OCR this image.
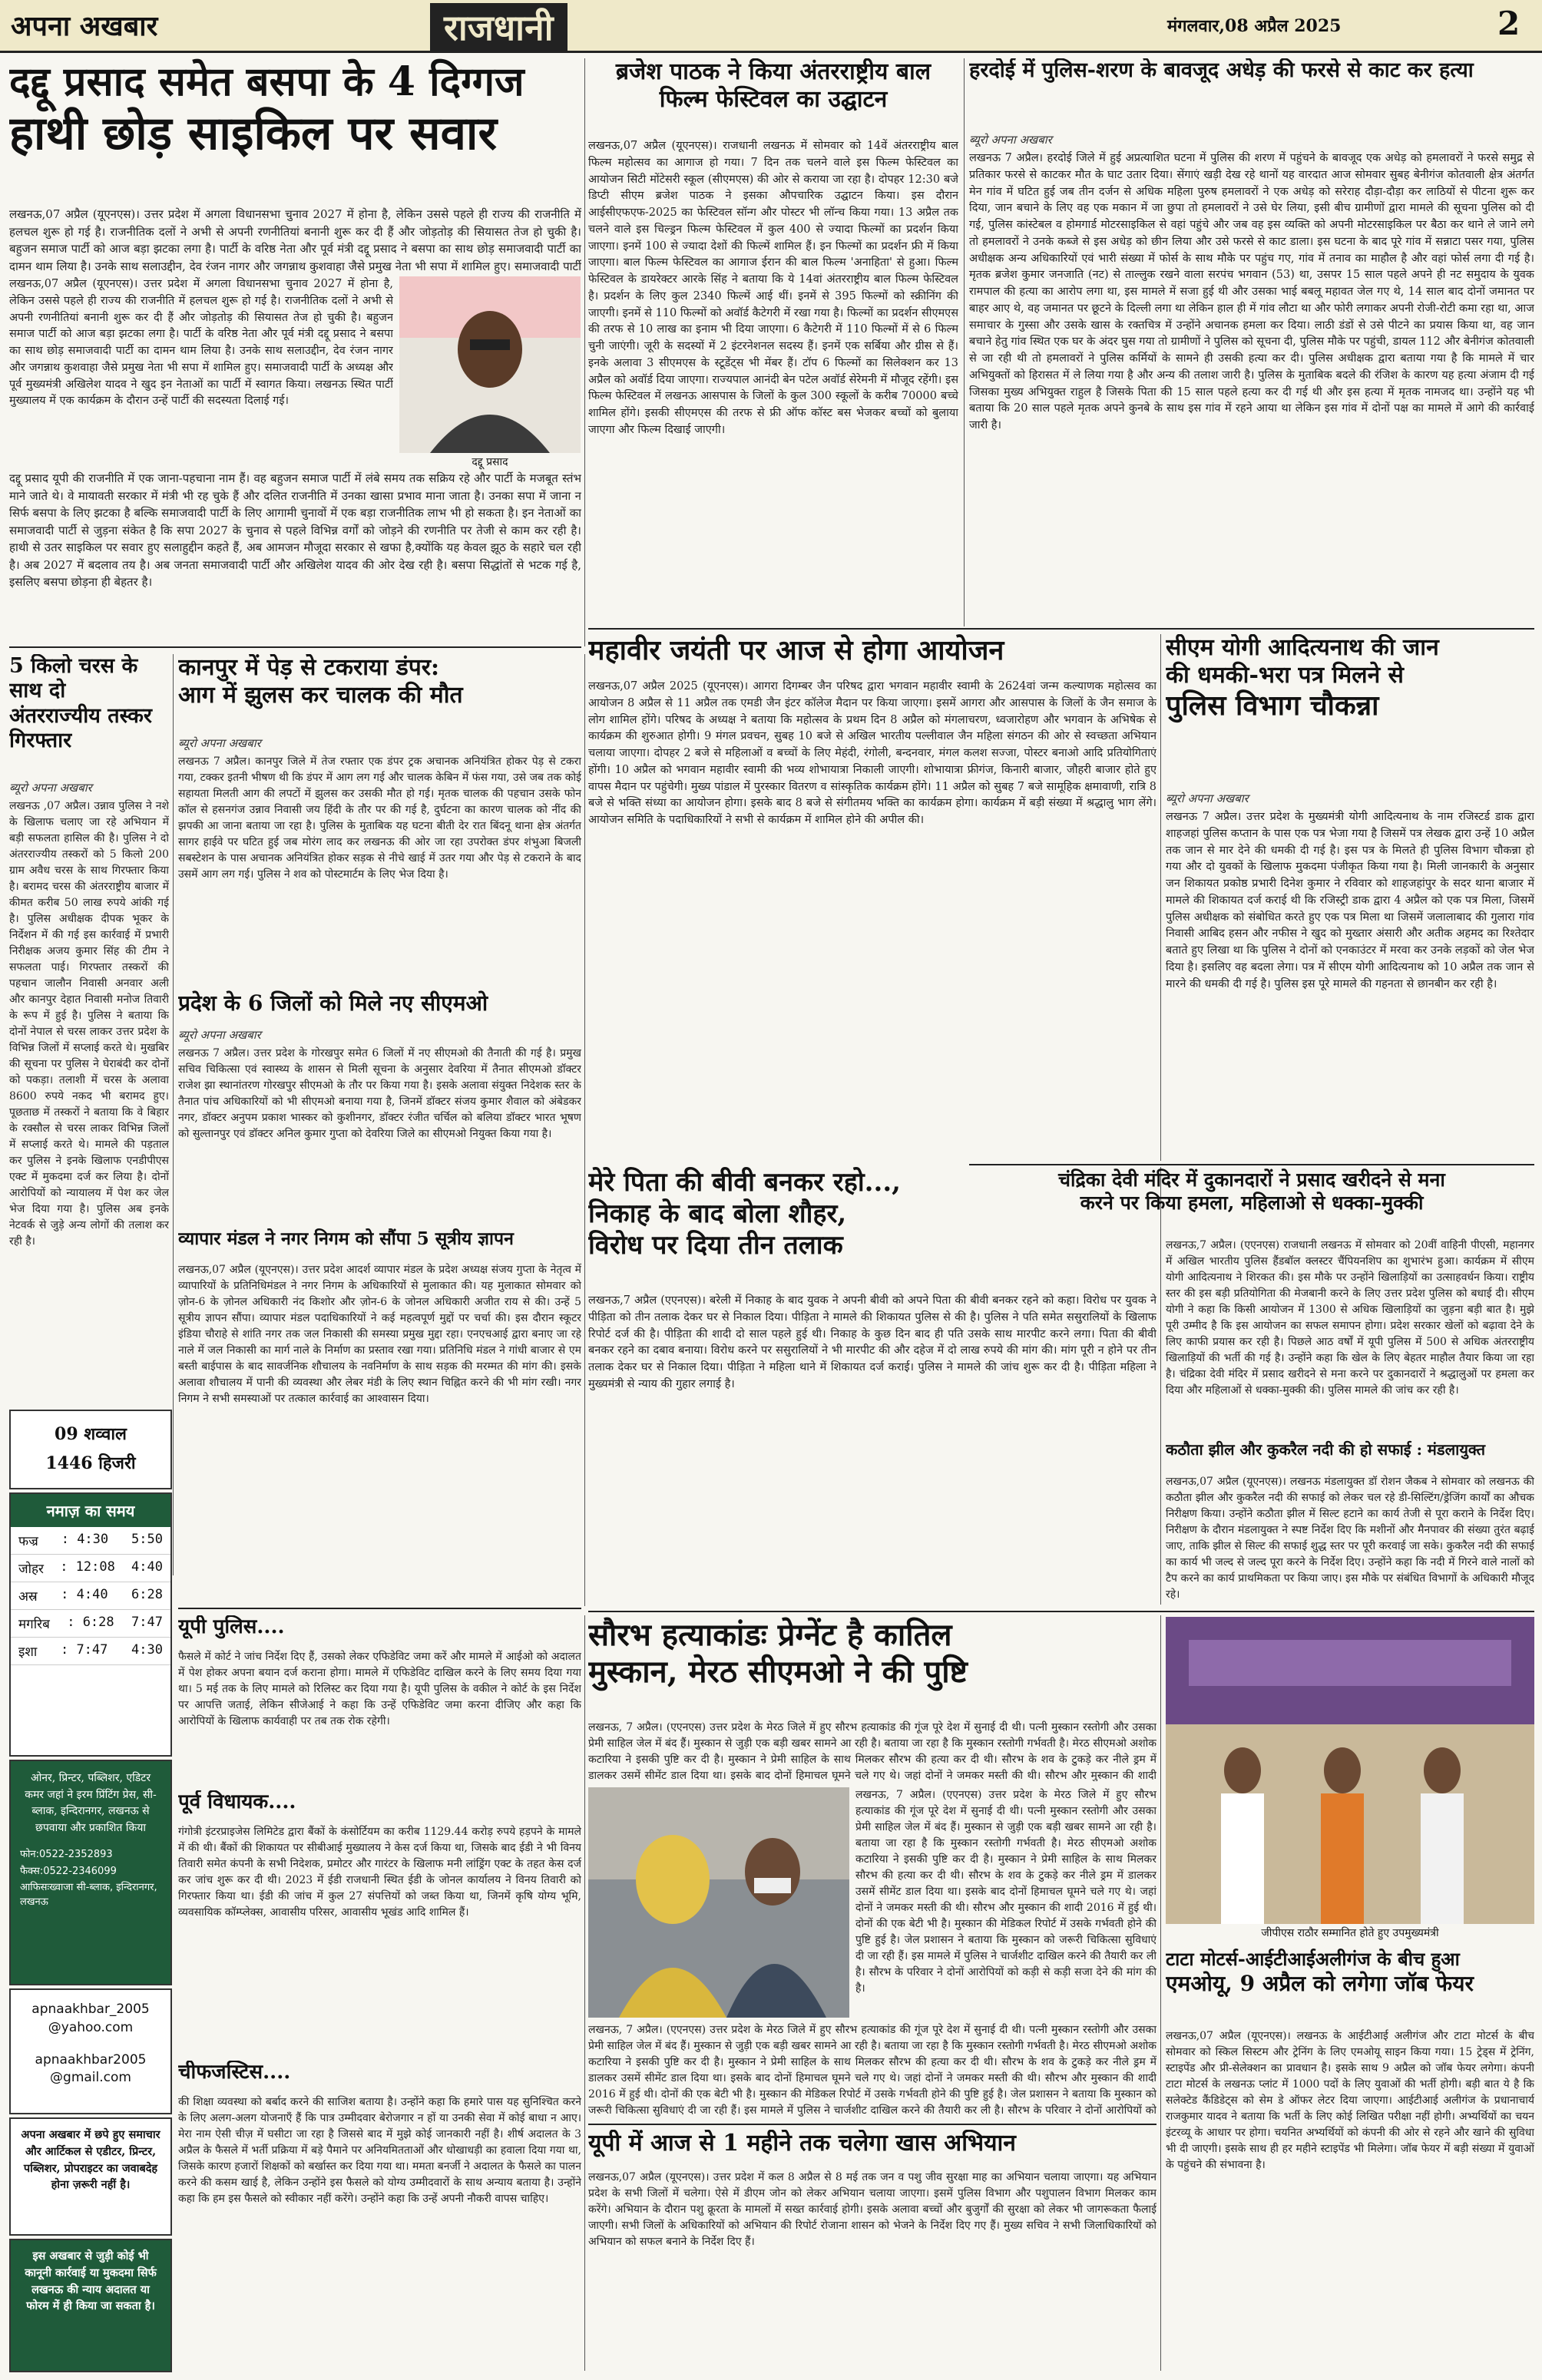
अपना अखबार	राजधानी	मंगलवार,08 अप्रैल 2025	2
दद्दू प्रसाद समेत बसपा के 4 दिग्गज
हाथी छोड़ साइकिल पर सवार
लखनऊ,07 अप्रैल (यूएनएस)। उत्तर प्रदेश में अगला विधानसभा चुनाव 2027 में होना है, लेकिन उससे पहले ही राज्य की राजनीति में हलचल शुरू हो गई है। राजनीतिक दलों ने अभी से अपनी रणनीतियां बनानी शुरू कर दी हैं और जोड़तोड़ की सियासत तेज हो चुकी है। बहुजन समाज पार्टी को आज बड़ा झटका लगा है। पार्टी के वरिष्ठ नेता और पूर्व मंत्री दद्दू प्रसाद ने बसपा का साथ छोड़ समाजवादी पार्टी का दामन थाम लिया है। उनके साथ सलाउद्दीन, देव रंजन नागर और जगन्नाथ कुशवाहा जैसे प्रमुख नेता भी सपा में शामिल हुए। समाजवादी पार्टी
लखनऊ,07 अप्रैल (यूएनएस)। उत्तर प्रदेश में अगला विधानसभा चुनाव 2027 में होना है, लेकिन उससे पहले ही राज्य की राजनीति में हलचल शुरू हो गई है। राजनीतिक दलों ने अभी से अपनी रणनीतियां बनानी शुरू कर दी हैं और जोड़तोड़ की सियासत तेज हो चुकी है। बहुजन समाज पार्टी को आज बड़ा झटका लगा है। पार्टी के वरिष्ठ नेता और पूर्व मंत्री दद्दू प्रसाद ने बसपा का साथ छोड़ समाजवादी पार्टी का दामन थाम लिया है। उनके साथ सलाउद्दीन, देव रंजन नागर और जगन्नाथ कुशवाहा जैसे प्रमुख नेता भी सपा में शामिल हुए। समाजवादी पार्टी के अध्यक्ष और पूर्व मुख्यमंत्री अखिलेश यादव ने खुद इन नेताओं का पार्टी में स्वागत किया। लखनऊ स्थित पार्टी मुख्यालय में एक कार्यक्रम के दौरान उन्हें पार्टी की सदस्यता दिलाई गई।
दद्दू प्रसाद
दद्दू प्रसाद यूपी की राजनीति में एक जाना-पहचाना नाम हैं। वह बहुजन समाज पार्टी में लंबे समय तक सक्रिय रहे और पार्टी के मजबूत स्तंभ माने जाते थे। वे मायावती सरकार में मंत्री भी रह चुके हैं और दलित राजनीति में उनका खासा प्रभाव माना जाता है। उनका सपा में जाना न सिर्फ बसपा के लिए झटका है बल्कि समाजवादी पार्टी के लिए आगामी चुनावों में एक बड़ा राजनीतिक लाभ भी हो सकता है। इन नेताओं का समाजवादी पार्टी से जुड़ना संकेत है कि सपा 2027 के चुनाव से पहले विभिन्न वर्गों को जोड़ने की रणनीति पर तेजी से काम कर रही है। हाथी से उतर साइकिल पर सवार हुए सलाहुद्दीन कहते हैं, अब आमजन मौजूदा सरकार से खफा है,क्योंकि यह केवल झूठ के सहारे चल रही है। अब 2027 में बदलाव तय है। अब जनता समाजवादी पार्टी और अखिलेश यादव की ओर देख रही है। बसपा सिद्धांतों से भटक गई है, इसलिए बसपा छोड़ना ही बेहतर है।
ब्रजेश पाठक ने किया अंतरराष्ट्रीय बाल फिल्म फेस्टिवल का उद्घाटन
लखनऊ,07 अप्रैल (यूएनएस)। राजधानी लखनऊ में सोमवार को 14वें अंतरराष्ट्रीय बाल फिल्म महोत्सव का आगाज हो गया। 7 दिन तक चलने वाले इस फिल्म फेस्टिवल का आयोजन सिटी मोंटेसरी स्कूल (सीएमएस) की ओर से कराया जा रहा है। दोपहर 12:30 बजे डिप्टी सीएम ब्रजेश पाठक ने इसका औपचारिक उद्घाटन किया। इस दौरान आईसीएफएफ-2025 का फेस्टिवल सॉन्ग और पोस्टर भी लॉन्च किया गया। 13 अप्रैल तक चलने वाले इस चिल्ड्रन फिल्म फेस्टिवल में कुल 400 से ज्यादा फिल्मों का प्रदर्शन किया जाएगा। इनमें 100 से ज्यादा देशों की फिल्में शामिल हैं। इन फिल्मों का प्रदर्शन फ्री में किया जाएगा। बाल फिल्म फेस्टिवल का आगाज ईरान की बाल फिल्म 'अनाहिता' से हुआ। फिल्म फेस्टिवल के डायरेक्टर आरके सिंह ने बताया कि ये 14वां अंतरराष्ट्रीय बाल फिल्म फेस्टिवल है। प्रदर्शन के लिए कुल 2340 फिल्में आई थीं। इनमें से 395 फिल्मों को स्क्रीनिंग की जाएगी। इनमें से 110 फिल्मों को अवॉर्ड कैटेगरी में रखा गया है। फिल्मों का प्रदर्शन सीएमएस की तरफ से 10 लाख का इनाम भी दिया जाएगा। 6 कैटेगरी में 110 फिल्मों में से 6 फिल्म चुनी जाएंगी। जूरी के सदस्यों में 2 इंटरनेशनल सदस्य हैं। इनमें एक सर्बिया और ग्रीस से हैं। इनके अलावा 3 सीएमएस के स्टूडेंट्स भी मेंबर हैं। टॉप 6 फिल्मों का सिलेक्शन कर 13 अप्रैल को अवॉर्ड दिया जाएगा। राज्यपाल आनंदी बेन पटेल अवॉर्ड सेरेमनी में मौजूद रहेंगी। इस फिल्म फेस्टिवल में लखनऊ आसपास के जिलों के कुल 300 स्कूलों के करीब 70000 बच्चे शामिल होंगे। इसकी सीएमएस की तरफ से फ्री ऑफ कॉस्ट बस भेजकर बच्चों को बुलाया जाएगा और फिल्म दिखाई जाएगी।
हरदोई में पुलिस-शरण के बावजूद अधेड़ की फरसे से काट कर हत्या
ब्यूरो अपना अखबार
लखनऊ 7 अप्रैल। हरदोई जिले में हुई अप्रत्याशित घटना में पुलिस की शरण में पहुंचने के बावजूद एक अधेड़ को हमलावरों ने फरसे समुद्र से प्रतिकार फरसे से काटकर मौत के घाट उतार दिया। सेंगाएं खड़ी देख रहे थानों यह वारदात आज सोमवार सुबह बेनीगंज कोतवाली क्षेत्र अंतर्गत मेन गांव में घटित हुई जब तीन दर्जन से अधिक महिला पुरुष हमलावरों ने एक अधेड़ को सरेराह दौड़ा-दौड़ा कर लाठियों से पीटना शुरू कर दिया, जान बचाने के लिए वह एक मकान में जा छुपा तो हमलावरों ने उसे घेर लिया, इसी बीच ग्रामीणों द्वारा मामले की सूचना पुलिस को दी गई, पुलिस कांस्टेबल व होमगार्ड मोटरसाइकिल से वहां पहुंचे और जब वह इस व्यक्ति को अपनी मोटरसाइकिल पर बैठा कर थाने ले जाने लगे तो हमलावरों ने उनके कब्जे से इस अधेड़ को छीन लिया और उसे फरसे से काट डाला। इस घटना के बाद पूरे गांव में सन्नाटा पसर गया, पुलिस अधीक्षक अन्य अधिकारियों एवं भारी संख्या में फोर्स के साथ मौके पर पहुंच गए, गांव में तनाव का माहौल है और वहां फोर्स लगा दी गई है। मृतक ब्रजेश कुमार जनजाति (नट) से ताल्लुक रखने वाला सरपंच भगवान (53) था, उसपर 15 साल पहले अपने ही नट समुदाय के युवक रामपाल की हत्या का आरोप लगा था, इस मामले में सजा हुई थी और उसका भाई बबलू महावत जेल गए थे, 14 साल बाद दोनों जमानत पर बाहर आए थे, वह जमानत पर छूटने के दिल्ली लगा था लेकिन हाल ही में गांव लौटा था और फोरी लगाकर अपनी रोजी-रोटी कमा रहा था, आज समाचार के गुस्सा और उसके खास के रक्तचित्र में उन्होंने अचानक हमला कर दिया। लाठी डंडों से उसे पीटने का प्रयास किया था, वह जान बचाने हेतु गांव स्थित एक घर के अंदर घुस गया तो ग्रामीणों ने पुलिस को सूचना दी, पुलिस मौके पर पहुंची, डायल 112 और बेनीगंज कोतवाली से जा रही थी तो हमलावरों ने पुलिस कर्मियों के सामने ही उसकी हत्या कर दी। पुलिस अधीक्षक द्वारा बताया गया है कि मामले में चार अभियुक्तों को हिरासत में ले लिया गया है और अन्य की तलाश जारी है। पुलिस के मुताबिक बदले की रंजिश के कारण यह हत्या अंजाम दी गई जिसका मुख्य अभियुक्त राहुल है जिसके पिता की 15 साल पहले हत्या कर दी गई थी और इस हत्या में मृतक नामजद था। उन्होंने यह भी बताया कि 20 साल पहले मृतक अपने कुनबे के साथ इस गांव में रहने आया था लेकिन इस गांव में दोनों पक्ष का मामले में आगे की कार्रवाई जारी है।
महावीर जयंती पर आज से होगा आयोजन
लखनऊ,07 अप्रैल 2025 (यूएनएस)। आगरा दिगम्बर जैन परिषद द्वारा भगवान महावीर स्वामी के 2624वां जन्म कल्याणक महोत्सव का आयोजन 8 अप्रैल से 11 अप्रैल तक एमडी जैन इंटर कॉलेज मैदान पर किया जाएगा। इसमें आगरा और आसपास के जिलों के जैन समाज के लोग शामिल होंगे। परिषद के अध्यक्ष ने बताया कि महोत्सव के प्रथम दिन 8 अप्रैल को मंगलाचरण, ध्वजारोहण और भगवान के अभिषेक से कार्यक्रम की शुरुआत होगी। 9 मंगल प्रवचन, सुबह 10 बजे से अखिल भारतीय पल्लीवाल जैन महिला संगठन की ओर से स्वच्छता अभियान चलाया जाएगा। दोपहर 2 बजे से महिलाओं व बच्चों के लिए मेहंदी, रंगोली, बन्दनवार, मंगल कलश सज्जा, पोस्टर बनाओ आदि प्रतियोगिताएं होंगी। 10 अप्रैल को भगवान महावीर स्वामी की भव्य शोभायात्रा निकाली जाएगी। शोभायात्रा फ्रीगंज, किनारी बाजार, जौहरी बाजार होते हुए वापस मैदान पर पहुंचेगी। मुख्य पांडाल में पुरस्कार वितरण व सांस्कृतिक कार्यक्रम होंगे। 11 अप्रैल को सुबह 7 बजे सामूहिक क्षमावाणी, रात्रि 8 बजे से भक्ति संध्या का आयोजन होगा। इसके बाद 8 बजे से संगीतमय भक्ति का कार्यक्रम होगा। कार्यक्रम में बड़ी संख्या में श्रद्धालु भाग लेंगे। आयोजन समिति के पदाधिकारियों ने सभी से कार्यक्रम में शामिल होने की अपील की।
सीएम योगी आदित्यनाथ की जान
की धमकी-भरा पत्र मिलने से
पुलिस विभाग चौकन्ना
ब्यूरो अपना अखबार
लखनऊ 7 अप्रैल। उत्तर प्रदेश के मुख्यमंत्री योगी आदित्यनाथ के नाम रजिस्टर्ड डाक द्वारा शाहजहां पुलिस कप्तान के पास एक पत्र भेजा गया है जिसमें पत्र लेखक द्वारा उन्हें 10 अप्रैल तक जान से मार देने की धमकी दी गई है। इस पत्र के मिलते ही पुलिस विभाग चौकन्ना हो गया और दो युवकों के खिलाफ मुकदमा पंजीकृत किया गया है। मिली जानकारी के अनुसार जन शिकायत प्रकोष्ठ प्रभारी दिनेश कुमार ने रविवार को शाहजहांपुर के सदर थाना बाजार में मामले की शिकायत दर्ज कराई थी कि रजिस्ट्री डाक द्वारा 4 अप्रैल को एक पत्र मिला, जिसमें पुलिस अधीक्षक को संबोधित करते हुए एक पत्र मिला था जिसमें जलालाबाद की गुलारा गांव निवासी आबिद हसन और नफीस ने खुद को मुख्तार अंसारी और अतीक अहमद का रिश्तेदार बताते हुए लिखा था कि पुलिस ने दोनों को एनकाउंटर में मरवा कर उनके लड़कों को जेल भेज दिया है। इसलिए वह बदला लेगा। पत्र में सीएम योगी आदित्यनाथ को 10 अप्रैल तक जान से मारने की धमकी दी गई है। पुलिस इस पूरे मामले की गहनता से छानबीन कर रही है।
5 किलो चरस के साथ दो
अंतरराज्यीय तस्कर गिरफ्तार
ब्यूरो अपना अखबार
लखनऊ ,07 अप्रैल। उन्नाव पुलिस ने नशे के खिलाफ चलाए जा रहे अभियान में बड़ी सफलता हासिल की है। पुलिस ने दो अंतरराज्यीय तस्करों को 5 किलो 200 ग्राम अवैध चरस के साथ गिरफ्तार किया है। बरामद चरस की अंतरराष्ट्रीय बाजार में कीमत करीब 50 लाख रुपये आंकी गई है। पुलिस अधीक्षक दीपक भूकर के निर्देशन में की गई इस कार्रवाई में प्रभारी निरीक्षक अजय कुमार सिंह की टीम ने सफलता पाई। गिरफ्तार तस्करों की पहचान जालौन निवासी अनवार अली और कानपुर देहात निवासी मनोज तिवारी के रूप में हुई है। पुलिस ने बताया कि दोनों नेपाल से चरस लाकर उत्तर प्रदेश के विभिन्न जिलों में सप्लाई करते थे। मुखबिर की सूचना पर पुलिस ने घेराबंदी कर दोनों को पकड़ा। तलाशी में चरस के अलावा 8600 रुपये नकद भी बरामद हुए। पूछताछ में तस्करों ने बताया कि वे बिहार के रक्सौल से चरस लाकर विभिन्न जिलों में सप्लाई करते थे। मामले की पड़ताल कर पुलिस ने इनके खिलाफ एनडीपीएस एक्ट में मुकदमा दर्ज कर लिया है। दोनों आरोपियों को न्यायालय में पेश कर जेल भेज दिया गया है। पुलिस अब इनके नेटवर्क से जुड़े अन्य लोगों की तलाश कर रही है।
कानपुर में पेड़ से टकराया डंपर:
आग में झुलस कर चालक की मौत
ब्यूरो अपना अखबार
लखनऊ 7 अप्रैल। कानपुर जिले में तेज रफ्तार एक डंपर ट्रक अचानक अनियंत्रित होकर पेड़ से टकरा गया, टक्कर इतनी भीषण थी कि डंपर में आग लग गई और चालक केबिन में फंस गया, उसे जब तक कोई सहायता मिलती आग की लपटों में झुलस कर उसकी मौत हो गई। मृतक चालक की पहचान उसके फोन कॉल से हसनगंज उन्नाव निवासी जय हिंदी के तौर पर की गई है, दुर्घटना का कारण चालक को नींद की झपकी आ जाना बताया जा रहा है। पुलिस के मुताबिक यह घटना बीती देर रात बिंदनू थाना क्षेत्र अंतर्गत सागर हाईवे पर घटित हुई जब मोरंग लाद कर लखनऊ की ओर जा रहा उपरोक्त डंपर शंभुआ बिजली सबस्टेशन के पास अचानक अनियंत्रित होकर सड़क से नीचे खाई में उतर गया और पेड़ से टकराने के बाद उसमें आग लग गई। पुलिस ने शव को पोस्टमार्टम के लिए भेज दिया है।
प्रदेश के 6 जिलों को मिले नए सीएमओ
ब्यूरो अपना अखबार
लखनऊ 7 अप्रैल। उत्तर प्रदेश के गोरखपुर समेत 6 जिलों में नए सीएमओ की तैनाती की गई है। प्रमुख सचिव चिकित्सा एवं स्वास्थ्य के शासन से मिली सूचना के अनुसार देवरिया में तैनात सीएमओ डॉक्टर राजेश झा स्थानांतरण गोरखपुर सीएमओ के तौर पर किया गया है। इसके अलावा संयुक्त निदेशक स्तर के तैनात पांच अधिकारियों को भी सीएमओ बनाया गया है, जिनमें डॉक्टर संजय कुमार शैवाल को अंबेडकर नगर, डॉक्टर अनुपम प्रकाश भास्कर को कुशीनगर, डॉक्टर रंजीत चर्चिल को बलिया डॉक्टर भारत भूषण को सुल्तानपुर एवं डॉक्टर अनिल कुमार गुप्ता को देवरिया जिले का सीएमओ नियुक्त किया गया है।
व्यापार मंडल ने नगर निगम को सौंपा 5 सूत्रीय ज्ञापन
लखनऊ,07 अप्रैल (यूएनएस)। उत्तर प्रदेश आदर्श व्यापार मंडल के प्रदेश अध्यक्ष संजय गुप्ता के नेतृत्व में व्यापारियों के प्रतिनिधिमंडल ने नगर निगम के अधिकारियों से मुलाकात की। यह मुलाकात सोमवार को ज़ोन-6 के ज़ोनल अधिकारी नंद किशोर और ज़ोन-6 के जोनल अधिकारी अजीत राय से की। उन्हें 5 सूत्रीय ज्ञापन सौंपा। व्यापार मंडल पदाधिकारियों ने कई महत्वपूर्ण मुद्दों पर चर्चा की। इस दौरान स्कूटर इंडिया चौराहे से शांति नगर तक जल निकासी की समस्या प्रमुख मुद्दा रहा। एनएचआई द्वारा बनाए जा रहे नाले में जल निकासी का मार्ग नाले के निर्माण का प्रस्ताव रखा गया। प्रतिनिधि मंडल ने गांधी बाजार से एम बस्ती बाईपास के बाद सावर्जनिक शौचालय के नवनिर्माण के साथ सड़क की मरम्मत की मांग की। इसके अलावा शौचालय में पानी की व्यवस्था और लेबर मंडी के लिए स्थान चिह्नित करने की भी मांग रखी। नगर निगम ने सभी समस्याओं पर तत्काल कार्रवाई का आश्वासन दिया।
मेरे पिता की बीवी बनकर रहो...,
निकाह के बाद बोला शौहर,
विरोध पर दिया तीन तलाक
लखनऊ,7 अप्रैल (एएनएस)। बरेली में निकाह के बाद युवक ने अपनी बीवी को अपने पिता की बीवी बनकर रहने को कहा। विरोध पर युवक ने पीड़िता को तीन तलाक देकर घर से निकाल दिया। पीड़िता ने मामले की शिकायत पुलिस से की है। पुलिस ने पति समेत ससुरालियों के खिलाफ रिपोर्ट दर्ज की है। पीड़िता की शादी दो साल पहले हुई थी। निकाह के कुछ दिन बाद ही पति उसके साथ मारपीट करने लगा। पिता की बीवी बनकर रहने का दबाव बनाया। विरोध करने पर ससुरालियों ने भी मारपीट की और दहेज में दो लाख रुपये की मांग की। मांग पूरी न होने पर तीन तलाक देकर घर से निकाल दिया। पीड़िता ने महिला थाने में शिकायत दर्ज कराई। पुलिस ने मामले की जांच शुरू कर दी है। पीड़िता महिला ने मुख्यमंत्री से न्याय की गुहार लगाई है।
चंद्रिका देवी मंदिर में दुकानदारों ने प्रसाद खरीदने से मना
करने पर किया हमला, महिलाओ से धक्का-मुक्की
लखनऊ,7 अप्रैल। (एएनएस) राजधानी लखनऊ में सोमवार को 20वीं वाहिनी पीएसी, महानगर में अखिल भारतीय पुलिस हैंडबॉल क्लस्टर चैंपियनशिप का शुभारंभ हुआ। कार्यक्रम में सीएम योगी आदित्यनाथ ने शिरकत की। इस मौके पर उन्होंने खिलाड़ियों का उत्साहवर्धन किया। राष्ट्रीय स्तर की इस बड़ी प्रतियोगिता की मेजबानी करने के लिए उत्तर प्रदेश पुलिस को बधाई दी। सीएम योगी ने कहा कि किसी आयोजन में 1300 से अधिक खिलाड़ियों का जुड़ना बड़ी बात है। मुझे पूरी उम्मीद है कि इस आयोजन का सफल समापन होगा। प्रदेश सरकार खेलों को बढ़ावा देने के लिए काफी प्रयास कर रही है। पिछले आठ वर्षों में यूपी पुलिस में 500 से अधिक अंतरराष्ट्रीय खिलाड़ियों की भर्ती की गई है। उन्होंने कहा कि खेल के लिए बेहतर माहौल तैयार किया जा रहा है। चंद्रिका देवी मंदिर में प्रसाद खरीदने से मना करने पर दुकानदारों ने श्रद्धालुओं पर हमला कर दिया और महिलाओं से धक्का-मुक्की की। पुलिस मामले की जांच कर रही है।
कठौता झील और कुकरैल नदी की हो सफाई : मंडलायुक्त
लखनऊ,07 अप्रैल (यूएनएस)। लखनऊ मंडलायुक्त डॉ रोशन जैकब ने सोमवार को लखनऊ की कठौता झील और कुकरैल नदी की सफाई को लेकर चल रहे डी-सिल्टिंग/ड्रेजिंग कार्यों का औचक निरीक्षण किया। उन्होंने कठौता झील में सिल्ट हटाने का कार्य तेजी से पूरा कराने के निर्देश दिए। निरीक्षण के दौरान मंडलायुक्त ने स्पष्ट निर्देश दिए कि मशीनों और मैनपावर की संख्या तुरंत बढ़ाई जाए, ताकि झील से सिल्ट की सफाई शुद्ध स्तर पर पूरी करवाई जा सके। कुकरैल नदी की सफाई का कार्य भी जल्द से जल्द पूरा करने के निर्देश दिए। उन्होंने कहा कि नदी में गिरने वाले नालों को टैप करने का कार्य प्राथमिकता पर किया जाए। इस मौके पर संबंधित विभागों के अधिकारी मौजूद रहे।
09 शव्वाल
1446 हिजरी
नमाज़ का समय
फज्र : 4:30 5:50
जोहर : 12:08 4:40
अस्र : 4:40 6:28
मगरिब : 6:28 7:47
इशा : 7:47 4:30
ओनर, प्रिन्टर, पब्लिशर, एडिटर कमर जहां ने इरम प्रिंटिंग प्रेस, सी-ब्लाक, इन्दिरानगर, लखनऊ से छपवाया और प्रकाशित किया
फोन:0522-2352893
फैक्स:0522-2346099
आफिसःख्वाजा सी-ब्लाक, इन्दिरानगर, लखनऊ
apnaakhbar_2005 @yahoo.com
apnaakhbar2005 @gmail.com
अपना अखबार में छपे हुए समाचार और आर्टिकल से एडीटर, प्रिन्टर, पब्लिशर, प्रोपराइटर का जवाबदेह होना ज़रूरी नहीं है।
इस अखबार से जुड़ी कोई भी कानूनी कार्रवाई या मुकदमा सिर्फ लखनऊ की न्याय अदालत या फोरम में ही किया जा सकता है।
यूपी पुलिस....
फैसले में कोर्ट ने जांच निर्देश दिए हैं, उसको लेकर एफिडेविट जमा करें और मामले में आईओ को अदालत में पेश होकर अपना बयान दर्ज कराना होगा। मामले में एफिडेविट दाखिल करने के लिए समय दिया गया था। 5 मई तक के लिए मामले को रिलिस्ट कर दिया गया है। यूपी पुलिस के वकील ने कोर्ट के इस निर्देश पर आपत्ति जताई, लेकिन सीजेआई ने कहा कि उन्हें एफिडेविट जमा करना दीजिए और कहा कि आरोपियों के खिलाफ कार्यवाही पर तब तक रोक रहेगी।
पूर्व विधायक....
गंगोत्री इंटरप्राइजेस लिमिटेड द्वारा बैंकों के कंसोर्टियम का करीब 1129.44 करोड़ रुपये हड़पने के मामले में की थी। बैंकों की शिकायत पर सीबीआई मुख्यालय ने केस दर्ज किया था, जिसके बाद ईडी ने भी विनय तिवारी समेत कंपनी के सभी निदेशक, प्रमोटर और गारंटर के खिलाफ मनी लांड्रिंग एक्ट के तहत केस दर्ज कर जांच शुरू कर दी थी। 2023 में ईडी राजधानी स्थित ईडी के जोनल कार्यालय ने विनय तिवारी को गिरफ्तार किया था। ईडी की जांच में कुल 27 संपत्तियों को जब्त किया था, जिनमें कृषि योग्य भूमि, व्यवसायिक कॉम्प्लेक्स, आवासीय परिसर, आवासीय भूखंड आदि शामिल हैं।
चीफजस्टिस....
की शिक्षा व्यवस्था को बर्बाद करने की साजिश बताया है। उन्होंने कहा कि हमारे पास यह सुनिश्चित करने के लिए अलग-अलग योजनाएँ हैं कि पात्र उम्मीदवार बेरोजगार न हों या उनकी सेवा में कोई बाधा न आए। मेरा नाम ऐसी चीज़ में घसीटा जा रहा है जिससे बाद में मुझे कोई जानकारी नहीं है। शीर्ष अदालत के 3 अप्रैल के फैसले में भर्ती प्रक्रिया में बड़े पैमाने पर अनियमितताओं और धोखाधड़ी का हवाला दिया गया था, जिसके कारण हजारों शिक्षकों को बर्खास्त कर दिया गया था। ममता बनर्जी ने अदालत के फैसले का पालन करने की कसम खाई है, लेकिन उन्होंने इस फैसले को योग्य उम्मीदवारों के साथ अन्याय बताया है। उन्होंने कहा कि हम इस फैसले को स्वीकार नहीं करेंगे। उन्होंने कहा कि उन्हें अपनी नौकरी वापस चाहिए।
सौरभ हत्याकांडः प्रेग्नेंट है कातिल
मुस्कान, मेरठ सीएमओ ने की पुष्टि
लखनऊ, 7 अप्रैल। (एएनएस) उत्तर प्रदेश के मेरठ जिले में हुए सौरभ हत्याकांड की गूंज पूरे देश में सुनाई दी थी। पत्नी मुस्कान रस्तोगी और उसका प्रेमी साहिल जेल में बंद हैं। मुस्कान से जुड़ी एक बड़ी खबर सामने आ रही है। बताया जा रहा है कि मुस्कान रस्तोगी गर्भवती है। मेरठ सीएमओ अशोक कटारिया ने इसकी पुष्टि कर दी है। मुस्कान ने प्रेमी साहिल के साथ मिलकर सौरभ की हत्या कर दी थी। सौरभ के शव के टुकड़े कर नीले ड्रम में डालकर उसमें सीमेंट डाल दिया था। इसके बाद दोनों हिमाचल घूमने चले गए थे। जहां दोनों ने जमकर मस्ती की थी। सौरभ और मुस्कान की शादी
लखनऊ, 7 अप्रैल। (एएनएस) उत्तर प्रदेश के मेरठ जिले में हुए सौरभ हत्याकांड की गूंज पूरे देश में सुनाई दी थी। पत्नी मुस्कान रस्तोगी और उसका प्रेमी साहिल जेल में बंद हैं। मुस्कान से जुड़ी एक बड़ी खबर सामने आ रही है। बताया जा रहा है कि मुस्कान रस्तोगी गर्भवती है। मेरठ सीएमओ अशोक कटारिया ने इसकी पुष्टि कर दी है। मुस्कान ने प्रेमी साहिल के साथ मिलकर सौरभ की हत्या कर दी थी। सौरभ के शव के टुकड़े कर नीले ड्रम में डालकर उसमें सीमेंट डाल दिया था। इसके बाद दोनों हिमाचल घूमने चले गए थे। जहां दोनों ने जमकर मस्ती की थी। सौरभ और मुस्कान की शादी 2016 में हुई थी। दोनों की एक बेटी भी है। मुस्कान की मेडिकल रिपोर्ट में उसके गर्भवती होने की पुष्टि हुई है। जेल प्रशासन ने बताया कि मुस्कान को जरूरी चिकित्सा सुविधाएं दी जा रही हैं। इस मामले में पुलिस ने चार्जशीट दाखिल करने की तैयारी कर ली है। सौरभ के परिवार ने दोनों आरोपियों को कड़ी से कड़ी सजा देने की मांग की है।
लखनऊ, 7 अप्रैल। (एएनएस) उत्तर प्रदेश के मेरठ जिले में हुए सौरभ हत्याकांड की गूंज पूरे देश में सुनाई दी थी। पत्नी मुस्कान रस्तोगी और उसका प्रेमी साहिल जेल में बंद हैं। मुस्कान से जुड़ी एक बड़ी खबर सामने आ रही है। बताया जा रहा है कि मुस्कान रस्तोगी गर्भवती है। मेरठ सीएमओ अशोक कटारिया ने इसकी पुष्टि कर दी है। मुस्कान ने प्रेमी साहिल के साथ मिलकर सौरभ की हत्या कर दी थी। सौरभ के शव के टुकड़े कर नीले ड्रम में डालकर उसमें सीमेंट डाल दिया था। इसके बाद दोनों हिमाचल घूमने चले गए थे। जहां दोनों ने जमकर मस्ती की थी। सौरभ और मुस्कान की शादी 2016 में हुई थी। दोनों की एक बेटी भी है। मुस्कान की मेडिकल रिपोर्ट में उसके गर्भवती होने की पुष्टि हुई है। जेल प्रशासन ने बताया कि मुस्कान को जरूरी चिकित्सा सुविधाएं दी जा रही हैं। इस मामले में पुलिस ने चार्जशीट दाखिल करने की तैयारी कर ली है। सौरभ के परिवार ने दोनों आरोपियों को
यूपी में आज से 1 महीने तक चलेगा खास अभियान
लखनऊ,07 अप्रैल (यूएनएस)। उत्तर प्रदेश में कल 8 अप्रैल से 8 मई तक जन व पशु जीव सुरक्षा माह का अभियान चलाया जाएगा। यह अभियान प्रदेश के सभी जिलों में चलेगा। ऐसे में डीएम जोन को लेकर अभियान चलाया जाएगा। इसमें पुलिस विभाग और पशुपालन विभाग मिलकर काम करेंगे। अभियान के दौरान पशु क्रूरता के मामलों में सख्त कार्रवाई होगी। इसके अलावा बच्चों और बुजुर्गों की सुरक्षा को लेकर भी जागरूकता फैलाई जाएगी। सभी जिलों के अधिकारियों को अभियान की रिपोर्ट रोजाना शासन को भेजने के निर्देश दिए गए हैं। मुख्य सचिव ने सभी जिलाधिकारियों को अभियान को सफल बनाने के निर्देश दिए हैं।
जीपीएस राठौर सम्मानित होते हुए उपमुख्यमंत्री
टाटा मोटर्स-आईटीआईअलीगंज के बीच हुआ
एमओयू, 9 अप्रैल को लगेगा जॉब फेयर
लखनऊ,07 अप्रैल (यूएनएस)। लखनऊ के आईटीआई अलीगंज और टाटा मोटर्स के बीच सोमवार को स्किल सिस्टम और ट्रेनिंग के लिए एमओयू साइन किया गया। 15 ट्रेड्स में ट्रेनिंग, स्टाइपेंड और प्री-सेलेक्शन का प्रावधान है। इसके साथ 9 अप्रैल को जॉब फेयर लगेगा। कंपनी टाटा मोटर्स के लखनऊ प्लांट में 1000 पदों के लिए युवाओं की भर्ती होगी। बड़ी बात ये है कि सलेक्टेड कैंडिडेट्स को सेम डे ऑफर लेटर दिया जाएगा। आईटीआई अलीगंज के प्रधानाचार्य राजकुमार यादव ने बताया कि भर्ती के लिए कोई लिखित परीक्षा नहीं होगी। अभ्यर्थियों का चयन इंटरव्यू के आधार पर होगा। चयनित अभ्यर्थियों को कंपनी की ओर से रहने और खाने की सुविधा भी दी जाएगी। इसके साथ ही हर महीने स्टाइपेंड भी मिलेगा। जॉब फेयर में बड़ी संख्या में युवाओं के पहुंचने की संभावना है।
